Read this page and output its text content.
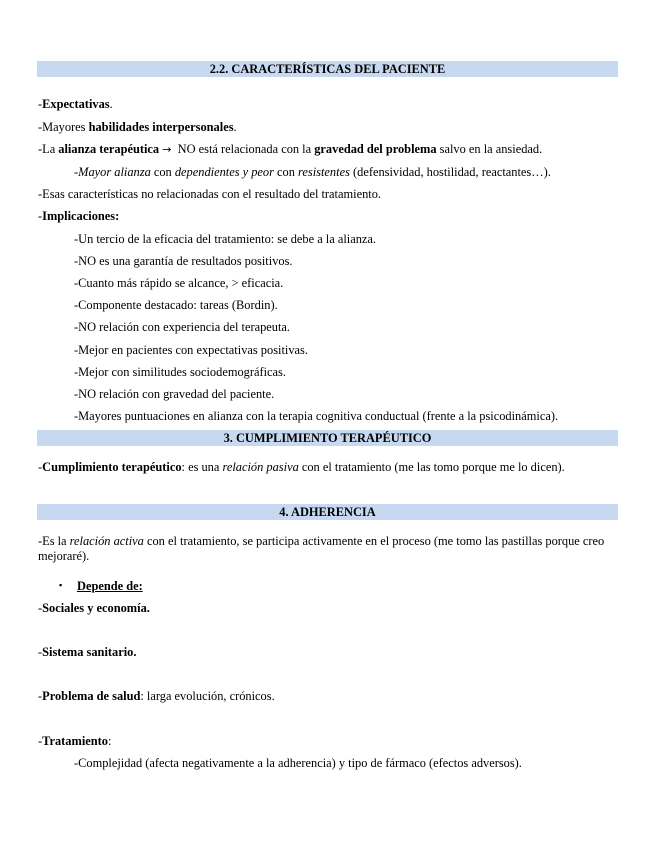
2.2. CARACTERÍSTICAS DEL PACIENTE
-Expectativas.
-Mayores habilidades interpersonales.
-La alianza terapéutica →  NO está relacionada con la gravedad del problema salvo en la ansiedad.
-Mayor alianza con dependientes y peor con resistentes (defensividad, hostilidad, reactantes…).
-Esas características no relacionadas con el resultado del tratamiento.
-Implicaciones:
-Un tercio de la eficacia del tratamiento: se debe a la alianza.
-NO es una garantía de resultados positivos.
-Cuanto más rápido se alcance, > eficacia.
-Componente destacado: tareas (Bordin).
-NO relación con experiencia del terapeuta.
-Mejor en pacientes con expectativas positivas.
-Mejor con similitudes sociodemográficas.
-NO relación con gravedad del paciente.
-Mayores puntuaciones en alianza con la terapia cognitiva conductual (frente a la psicodinámica).
3. CUMPLIMIENTO TERAPÉUTICO
-Cumplimiento terapéutico: es una relación pasiva con el tratamiento (me las tomo porque me lo dicen).
4. ADHERENCIA
-Es la relación activa con el tratamiento, se participa activamente en el proceso (me tomo las pastillas porque creo mejoraré).
▪ Depende de:
-Sociales y economía.
-Sistema sanitario.
-Problema de salud: larga evolución, crónicos.
-Tratamiento:
-Complejidad (afecta negativamente a la adherencia) y tipo de fármaco (efectos adversos).
